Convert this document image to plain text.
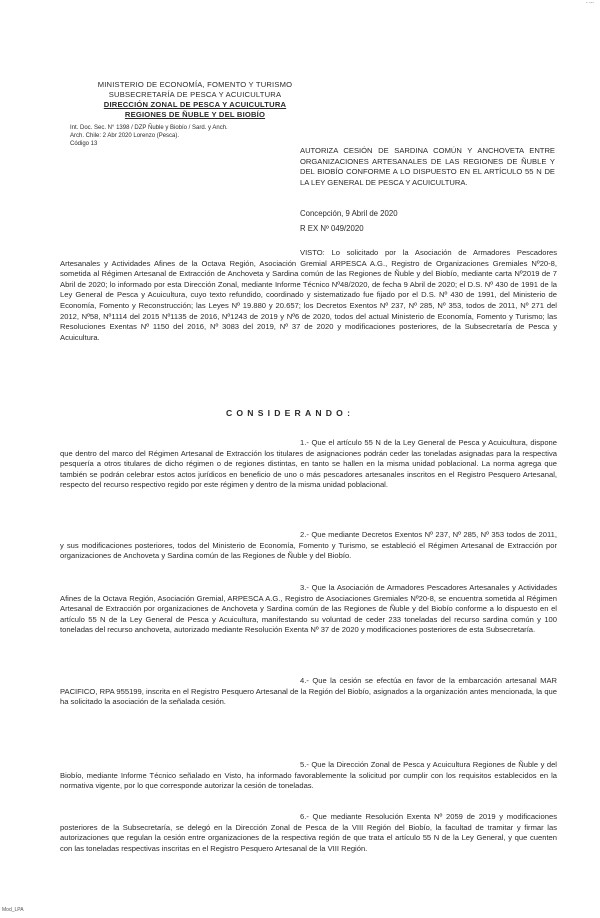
- ---
MINISTERIO DE ECONOMÍA, FOMENTO Y TURISMO
SUBSECRETARÍA DE PESCA Y ACUICULTURA
DIRECCIÓN ZONAL DE PESCA Y ACUICULTURA
REGIONES DE ÑUBLE Y DEL BIOBÍO
Int. Doc. Sec. N° 1398 / DZP Ñuble y Biobío / Sard. y Anch.
Arch. Chile: 2 Abr 2020 Lorenzo (Pesca).
Código 13
AUTORIZA CESIÓN DE SARDINA COMÚN Y ANCHOVETA ENTRE ORGANIZACIONES ARTESANALES DE LAS REGIONES DE ÑUBLE Y DEL BIOBÍO CONFORME A LO DISPUESTO EN EL ARTÍCULO 55 N DE LA LEY GENERAL DE PESCA Y ACUICULTURA.
Concepción, 9 Abril de 2020
R EX Nº 049/2020
VISTO: Lo solicitado por la Asociación de Armadores Pescadores Artesanales y Actividades Afines de la Octava Región, Asociación Gremial ARPESCA A.G., Registro de Organizaciones Gremiales Nº20-8, sometida al Régimen Artesanal de Extracción de Anchoveta y Sardina común de las Regiones de Ñuble y del Biobío, mediante carta Nº2019 de 7 Abril de 2020; lo informado por esta Dirección Zonal, mediante Informe Técnico Nº48/2020, de fecha 9 Abril de 2020; el D.S. Nº 430 de 1991 de la Ley General de Pesca y Acuicultura, cuyo texto refundido, coordinado y sistematizado fue fijado por el D.S. Nº 430 de 1991, del Ministerio de Economía, Fomento y Reconstrucción; las Leyes Nº 19.880 y 20.657; los Decretos Exentos Nº 237, Nº 285, Nº 353, todos de 2011, Nº 271 del 2012, Nº58, Nº1114 del 2015 Nº1135 de 2016, Nº1243 de 2019 y Nº6 de 2020, todos del actual Ministerio de Economía, Fomento y Turismo; las Resoluciones Exentas Nº 1150 del 2016, Nº 3083 del 2019, Nº 37 de 2020 y modificaciones posteriores, de la Subsecretaría de Pesca y Acuicultura.
CONSIDERANDO:
1.- Que el artículo 55 N de la Ley General de Pesca y Acuicultura, dispone que dentro del marco del Régimen Artesanal de Extracción los titulares de asignaciones podrán ceder las toneladas asignadas para la respectiva pesquería a otros titulares de dicho régimen o de regiones distintas, en tanto se hallen en la misma unidad poblacional. La norma agrega que también se podrán celebrar estos actos jurídicos en beneficio de uno o más pescadores artesanales inscritos en el Registro Pesquero Artesanal, respecto del recurso respectivo regido por este régimen y dentro de la misma unidad poblacional.
2.- Que mediante Decretos Exentos Nº 237, Nº 285, Nº 353 todos de 2011, y sus modificaciones posteriores, todos del Ministerio de Economía, Fomento y Turismo, se estableció el Régimen Artesanal de Extracción por organizaciones de Anchoveta y Sardina común de las Regiones de Ñuble y del Biobío.
3.- Que la Asociación de Armadores Pescadores Artesanales y Actividades Afines de la Octava Región, Asociación Gremial, ARPESCA A.G., Registro de Asociaciones Gremiales Nº20-8, se encuentra sometida al Régimen Artesanal de Extracción por organizaciones de Anchoveta y Sardina común de las Regiones de Ñuble y del Biobío conforme a lo dispuesto en el artículo 55 N de la Ley General de Pesca y Acuicultura, manifestando su voluntad de ceder 233 toneladas del recurso sardina común y 100 toneladas del recurso anchoveta, autorizado mediante Resolución Exenta Nº 37 de 2020 y modificaciones posteriores de esta Subsecretaría.
4.- Que la cesión se efectúa en favor de la embarcación artesanal MAR PACIFICO, RPA 955199, inscrita en el Registro Pesquero Artesanal de la Región del Biobío, asignados a la organización antes mencionada, la que ha solicitado la asociación de la señalada cesión.
5.- Que la Dirección Zonal de Pesca y Acuicultura Regiones de Ñuble y del Biobío, mediante Informe Técnico señalado en Visto, ha informado favorablemente la solicitud por cumplir con los requisitos establecidos en la normativa vigente, por lo que corresponde autorizar la cesión de toneladas.
6.- Que mediante Resolución Exenta Nº 2059 de 2019 y modificaciones posteriores de la Subsecretaría, se delegó en la Dirección Zonal de Pesca de la VIII Región del Biobío, la facultad de tramitar y firmar las autorizaciones que regulan la cesión entre organizaciones de la respectiva región de que trata el artículo 55 N de la Ley General, y que cuenten con las toneladas respectivas inscritas en el Registro Pesquero Artesanal de la VIII Región.
Mod_LPA
